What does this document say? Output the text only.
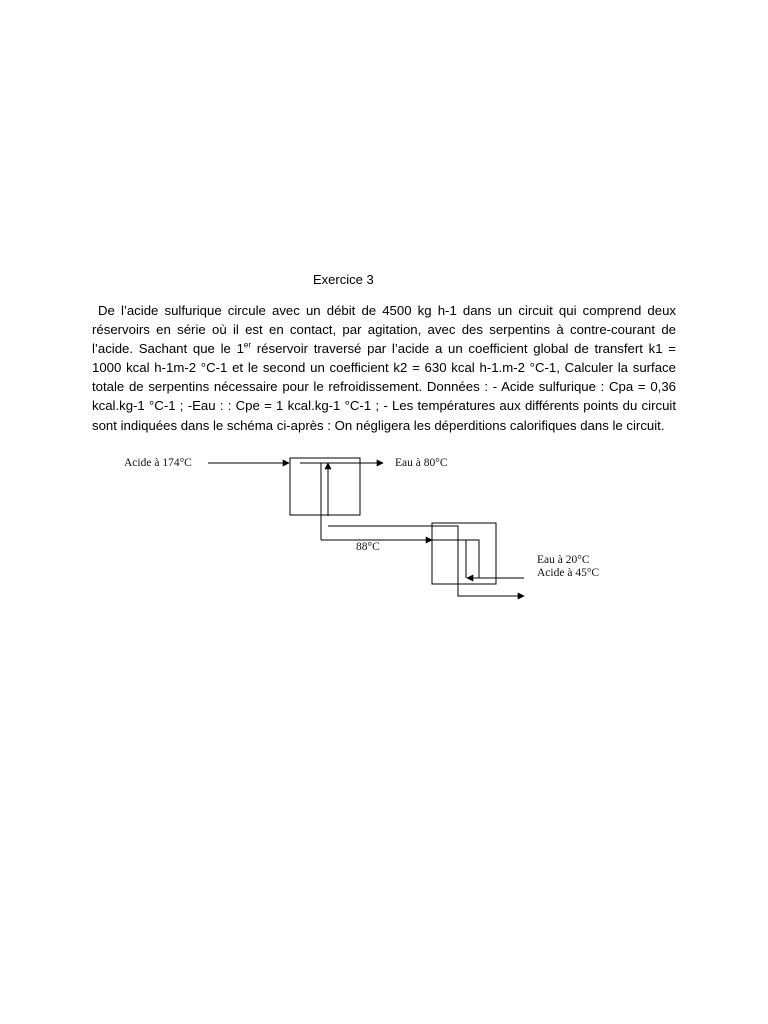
Exercice 3
De l’acide sulfurique circule avec un débit de 4500 kg h-1 dans un circuit qui comprend deux réservoirs en série où il est en contact, par agitation, avec des serpentins à contre-courant de l’acide. Sachant que le 1er réservoir traversé par l’acide a un coefficient global de transfert k1 = 1000 kcal h-1m-2 °C-1 et le second un coefficient k2 = 630 kcal h-1.m-2 °C-1, Calculer la surface totale de serpentins nécessaire pour le refroidissement. Données : - Acide sulfurique : Cpa = 0,36 kcal.kg-1 °C-1 ; -Eau : : Cpe = 1 kcal.kg-1 °C-1 ; - Les températures aux différents points du circuit sont indiquées dans le schéma ci-après : On négligera les déperditions calorifiques dans le circuit.
Acide à 174°C	Eau à 80°C
88°C
Eau à 20°C
Acide à 45°C
